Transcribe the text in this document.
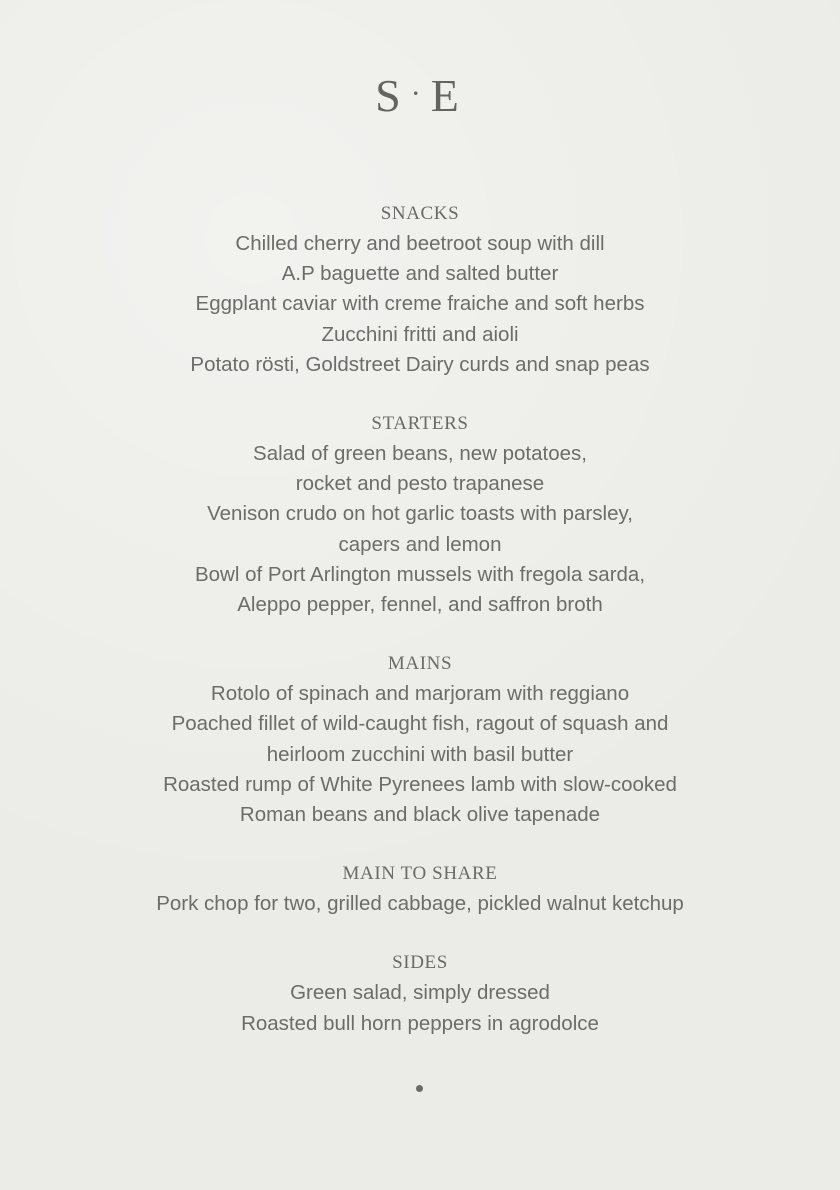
S ·E
SNACKS
Chilled cherry and beetroot soup with dill
A.P baguette and salted butter
Eggplant caviar with creme fraiche and soft herbs
Zucchini fritti and aioli
Potato rösti, Goldstreet Dairy curds and snap peas
STARTERS
Salad of green beans, new potatoes,
rocket and pesto trapanese
Venison crudo on hot garlic toasts with parsley,
capers and lemon
Bowl of Port Arlington mussels with fregola sarda,
Aleppo pepper, fennel, and saffron broth
MAINS
Rotolo of spinach and marjoram with reggiano
Poached fillet of wild-caught fish, ragout of squash and
heirloom zucchini with basil butter
Roasted rump of White Pyrenees lamb with slow-cooked
Roman beans and black olive tapenade
MAIN TO SHARE
Pork chop for two, grilled cabbage, pickled walnut ketchup
SIDES
Green salad, simply dressed
Roasted bull horn peppers in agrodolce
